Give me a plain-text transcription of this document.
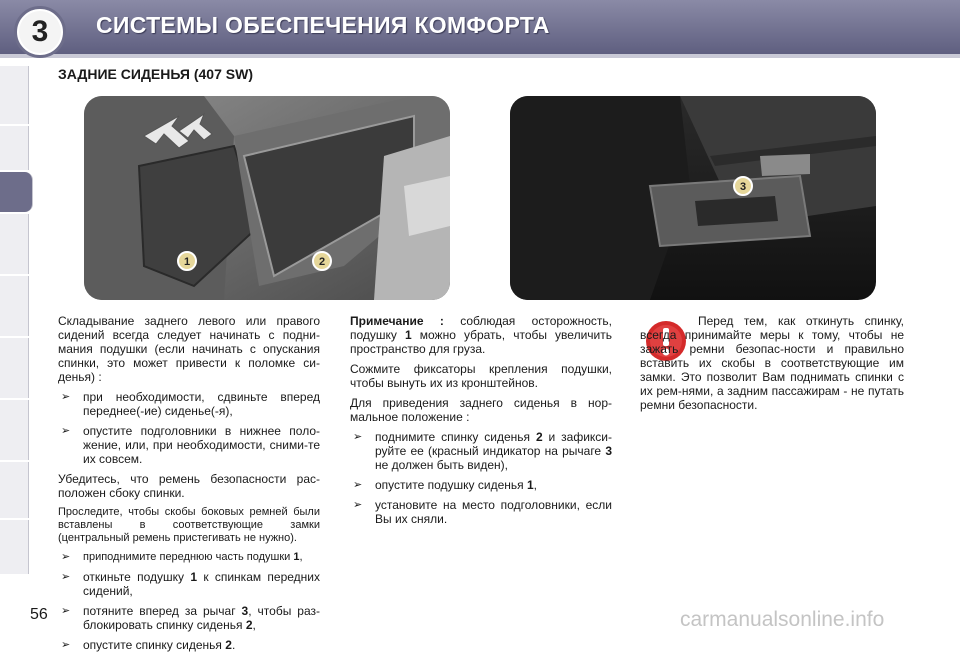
3	СИСТЕМЫ ОБЕСПЕЧЕНИЯ КОМФОРТА
ЗАДНИЕ СИДЕНЬЯ (407 SW)
1	2
3

Складывание заднего левого или правого сидений всегда следует начинать с подни-мания подушки (если начинать с опускания спинки, это может привести к поломке си-денья) :

➢	при необходимости, сдвиньте вперед переднее(-ие) сиденье(-я),
➢	опустите подголовники в нижнее поло-жение, или, при необходимости, сними-те их совсем.

Убедитесь, что ремень безопасности рас-положен сбоку спинки.

Проследите, чтобы скобы боковых ремней были вставлены в соответствующие замки (центральный ремень пристегивать не нужно).

➢	приподнимите переднюю часть подушки 1,
➢	откиньте подушку 1 к спинкам передних сидений,
➢	потяните вперед за рычаг 3, чтобы раз-блокировать спинку сиденья 2,
➢	опустите спинку сиденья 2.

Примечание : соблюдая осторожность, подушку 1 можно убрать, чтобы увеличить пространство для груза.

Сожмите фиксаторы крепления подушки, чтобы вынуть их из кронштейнов.

Для приведения заднего сиденья в нор-мальное положение :

➢	поднимите спинку сиденья 2 и зафикси-руйте ее (красный индикатор на рычаге 3 не должен быть виден),
➢	опустите подушку сиденья 1,
➢	установите на место подголовники, если Вы их сняли.

Перед тем, как откинуть спинку, всегда принимайте меры к тому, чтобы не зажать ремни безопас-ности и правильно вставить их скобы в соответствующие им замки. Это позволит Вам поднимать спинки с их рем-нями, а задним пассажирам - не путать ремни безопасности.

56	carmanualsonline.info
